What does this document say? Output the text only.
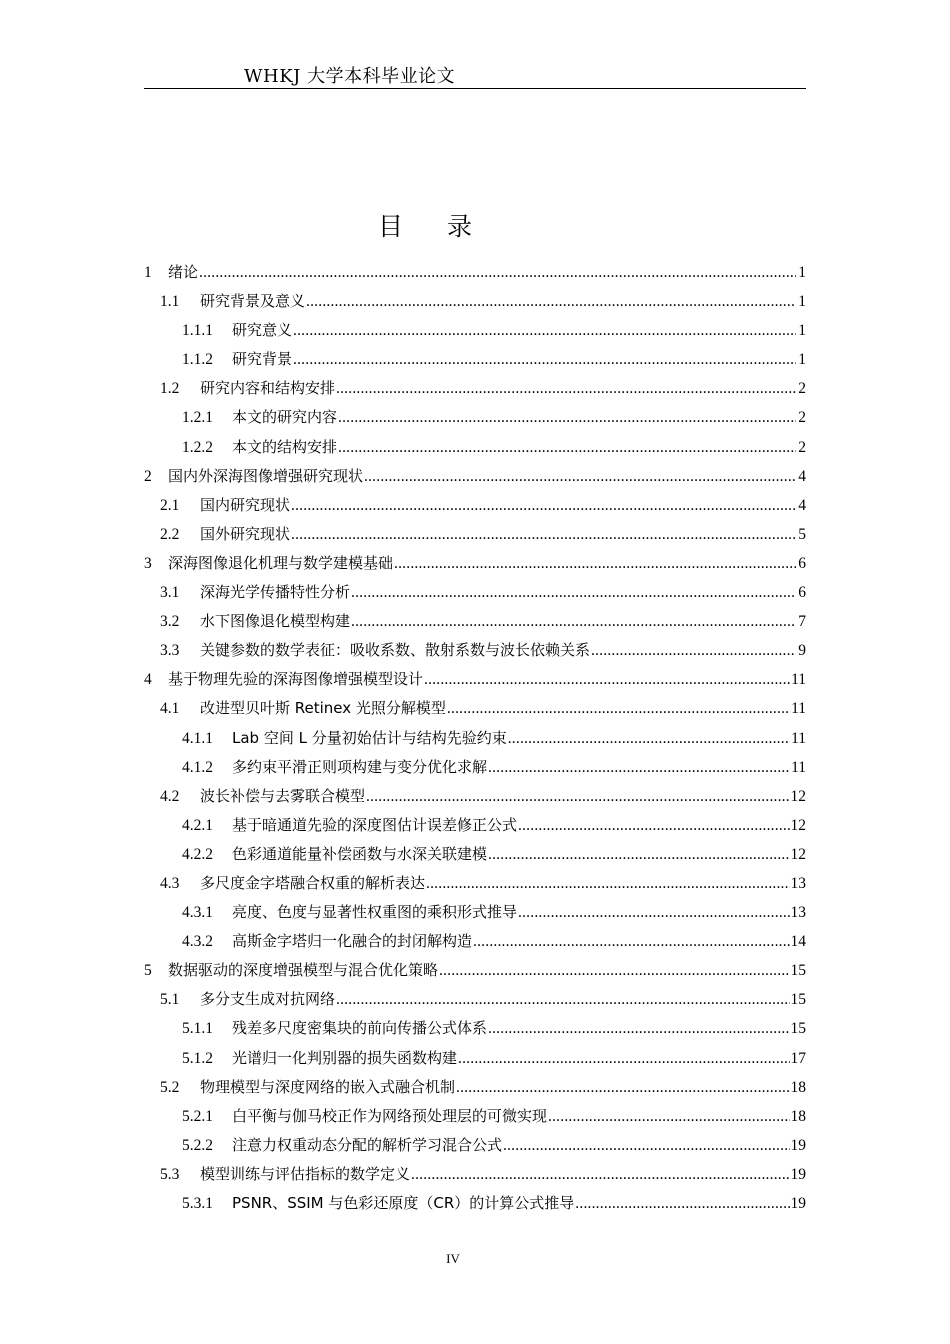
WHKJ 大学本科毕业论文
目 录
1	绪论 .....	1
1.1	研究背景及意义 .....	1
1.1.1	研究意义 .....	1
1.1.2	研究背景 .....	1
1.2	研究内容和结构安排 .....	2
1.2.1	本文的研究内容 .....	2
1.2.2	本文的结构安排 .....	2
2	国内外深海图像增强研究现状 .....	4
2.1	国内研究现状 .....	4
2.2	国外研究现状 .....	5
3	深海图像退化机理与数学建模基础 .....	6
3.1	深海光学传播特性分析 .....	6
3.2	水下图像退化模型构建 .....	7
3.3	关键参数的数学表征：吸收系数、散射系数与波长依赖关系 .....	9
4	基于物理先验的深海图像增强模型设计 .....	11
4.1	改进型贝叶斯 Retinex 光照分解模型 .....	11
4.1.1	Lab 空间 L 分量初始估计与结构先验约束 .....	11
4.1.2	多约束平滑正则项构建与变分优化求解 .....	11
4.2	波长补偿与去雾联合模型 .....	12
4.2.1	基于暗通道先验的深度图估计误差修正公式 .....	12
4.2.2	色彩通道能量补偿函数与水深关联建模 .....	12
4.3	多尺度金字塔融合权重的解析表达 .....	13
4.3.1	亮度、色度与显著性权重图的乘积形式推导 .....	13
4.3.2	高斯金字塔归一化融合的封闭解构造 .....	14
5	数据驱动的深度增强模型与混合优化策略 .....	15
5.1	多分支生成对抗网络 .....	15
5.1.1	残差多尺度密集块的前向传播公式体系 .....	15
5.1.2	光谱归一化判别器的损失函数构建 .....	17
5.2	物理模型与深度网络的嵌入式融合机制 .....	18
5.2.1	白平衡与伽马校正作为网络预处理层的可微实现 .....	18
5.2.2	注意力权重动态分配的解析学习混合公式 .....	19
5.3	模型训练与评估指标的数学定义 .....	19
5.3.1	PSNR、SSIM 与色彩还原度（CR）的计算公式推导 .....	19
IV
